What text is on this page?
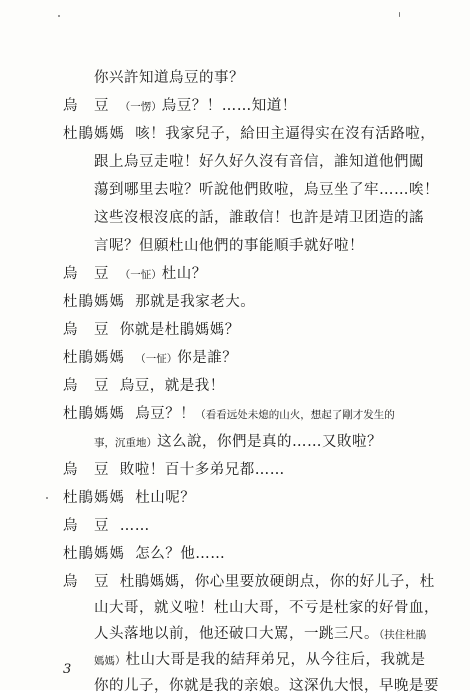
你兴許知道烏豆的事？
烏　豆 （一愣）烏豆？！……知道！
杜鵑媽媽 咳！我家兒子，給田主逼得实在沒有活路啦，
跟上烏豆走啦！好久好久沒有音信，誰知道他們闖
蕩到哪里去啦？听說他們敗啦，烏豆坐了牢……唉！
这些沒根沒底的話，誰敢信！也許是靖卫团造的謠
言呢？但願杜山他們的事能順手就好啦！
烏　豆 （一怔）杜山？
杜鵑媽媽 那就是我家老大。
烏　豆 你就是杜鵑媽媽？
杜鵑媽媽 （一怔）你是誰？
烏　豆 烏豆，就是我！
杜鵑媽媽 烏豆？！（看看远处未熄的山火，想起了剛才发生的
事，沉重地）这么說，你們是真的……又敗啦？
烏　豆 敗啦！百十多弟兄都……
杜鵑媽媽 杜山呢？
烏　豆 ……
杜鵑媽媽 怎么？他……
烏　豆 杜鵑媽媽，你心里要放硬朗点，你的好儿子，杜
山大哥，就义啦！杜山大哥，不亏是杜家的好骨血，
人头落地以前，他还破口大罵，一跳三尺。（扶住杜鵑
媽媽）杜山大哥是我的結拜弟兄，从今往后，我就是
你的儿子，你就是我的亲娘。这深仇大恨，早晚是要
3
